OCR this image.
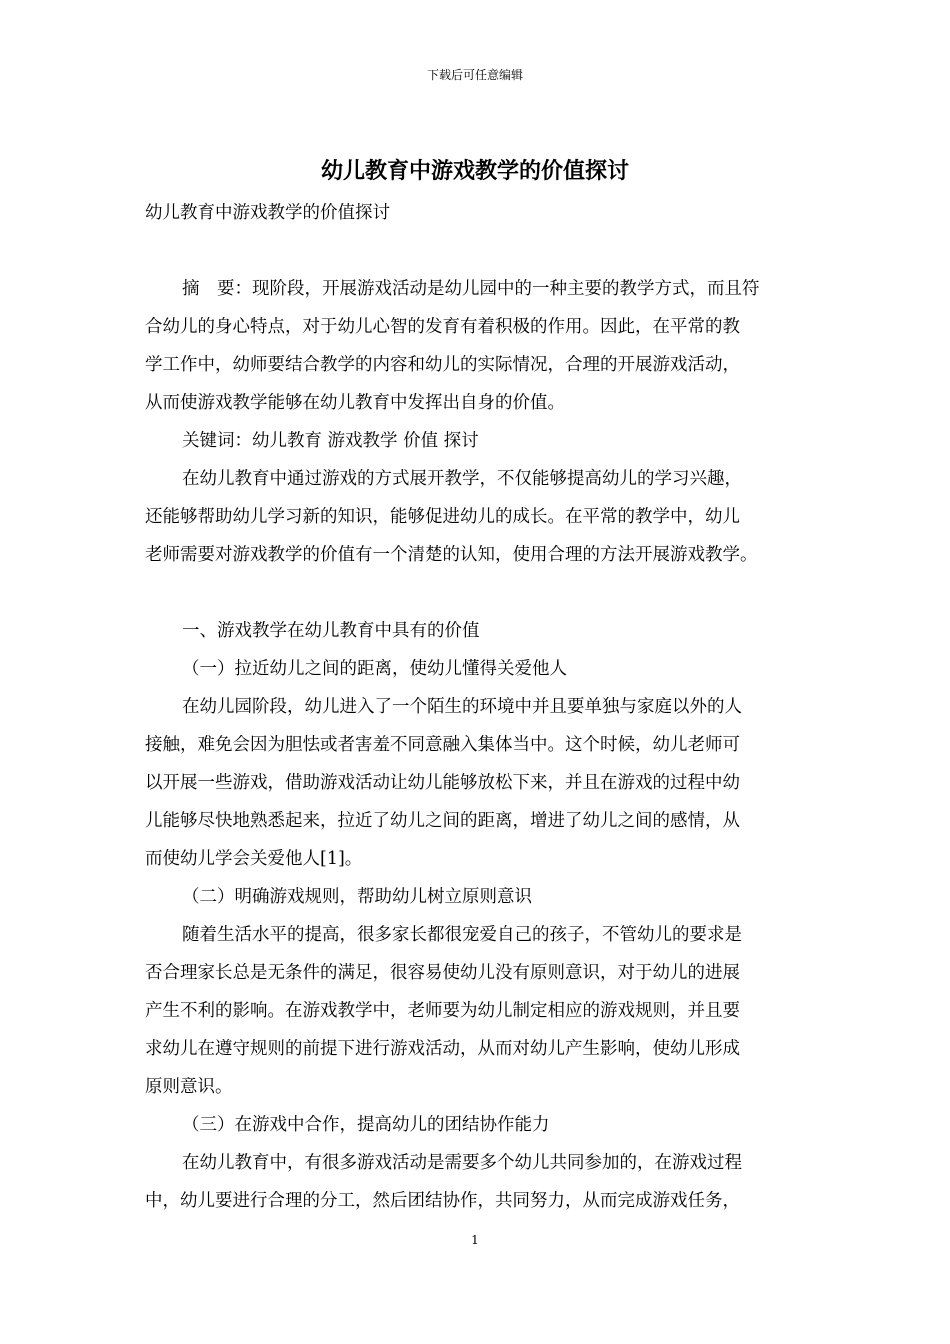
下载后可任意编辑
幼儿教育中游戏教学的价值探讨
幼儿教育中游戏教学的价值探讨
摘　要：现阶段，开展游戏活动是幼儿园中的一种主要的教学方式，而且符
合幼儿的身心特点，对于幼儿心智的发育有着积极的作用。因此，在平常的教
学工作中，幼师要结合教学的内容和幼儿的实际情况，合理的开展游戏活动，
从而使游戏教学能够在幼儿教育中发挥出自身的价值。
关键词：幼儿教育 游戏教学 价值 探讨
在幼儿教育中通过游戏的方式展开教学，不仅能够提高幼儿的学习兴趣，
还能够帮助幼儿学习新的知识，能够促进幼儿的成长。在平常的教学中，幼儿
老师需要对游戏教学的价值有一个清楚的认知，使用合理的方法开展游戏教学。
一、游戏教学在幼儿教育中具有的价值
（一）拉近幼儿之间的距离，使幼儿懂得关爱他人
在幼儿园阶段，幼儿进入了一个陌生的环境中并且要单独与家庭以外的人
接触，难免会因为胆怯或者害羞不同意融入集体当中。这个时候，幼儿老师可
以开展一些游戏，借助游戏活动让幼儿能够放松下来，并且在游戏的过程中幼
儿能够尽快地熟悉起来，拉近了幼儿之间的距离，增进了幼儿之间的感情，从
而使幼儿学会关爱他人[1]。
（二）明确游戏规则，帮助幼儿树立原则意识
随着生活水平的提高，很多家长都很宠爱自己的孩子，不管幼儿的要求是
否合理家长总是无条件的满足，很容易使幼儿没有原则意识，对于幼儿的进展
产生不利的影响。在游戏教学中，老师要为幼儿制定相应的游戏规则，并且要
求幼儿在遵守规则的前提下进行游戏活动，从而对幼儿产生影响，使幼儿形成
原则意识。
（三）在游戏中合作，提高幼儿的团结协作能力
在幼儿教育中，有很多游戏活动是需要多个幼儿共同参加的，在游戏过程
中，幼儿要进行合理的分工，然后团结协作，共同努力，从而完成游戏任务，
1
